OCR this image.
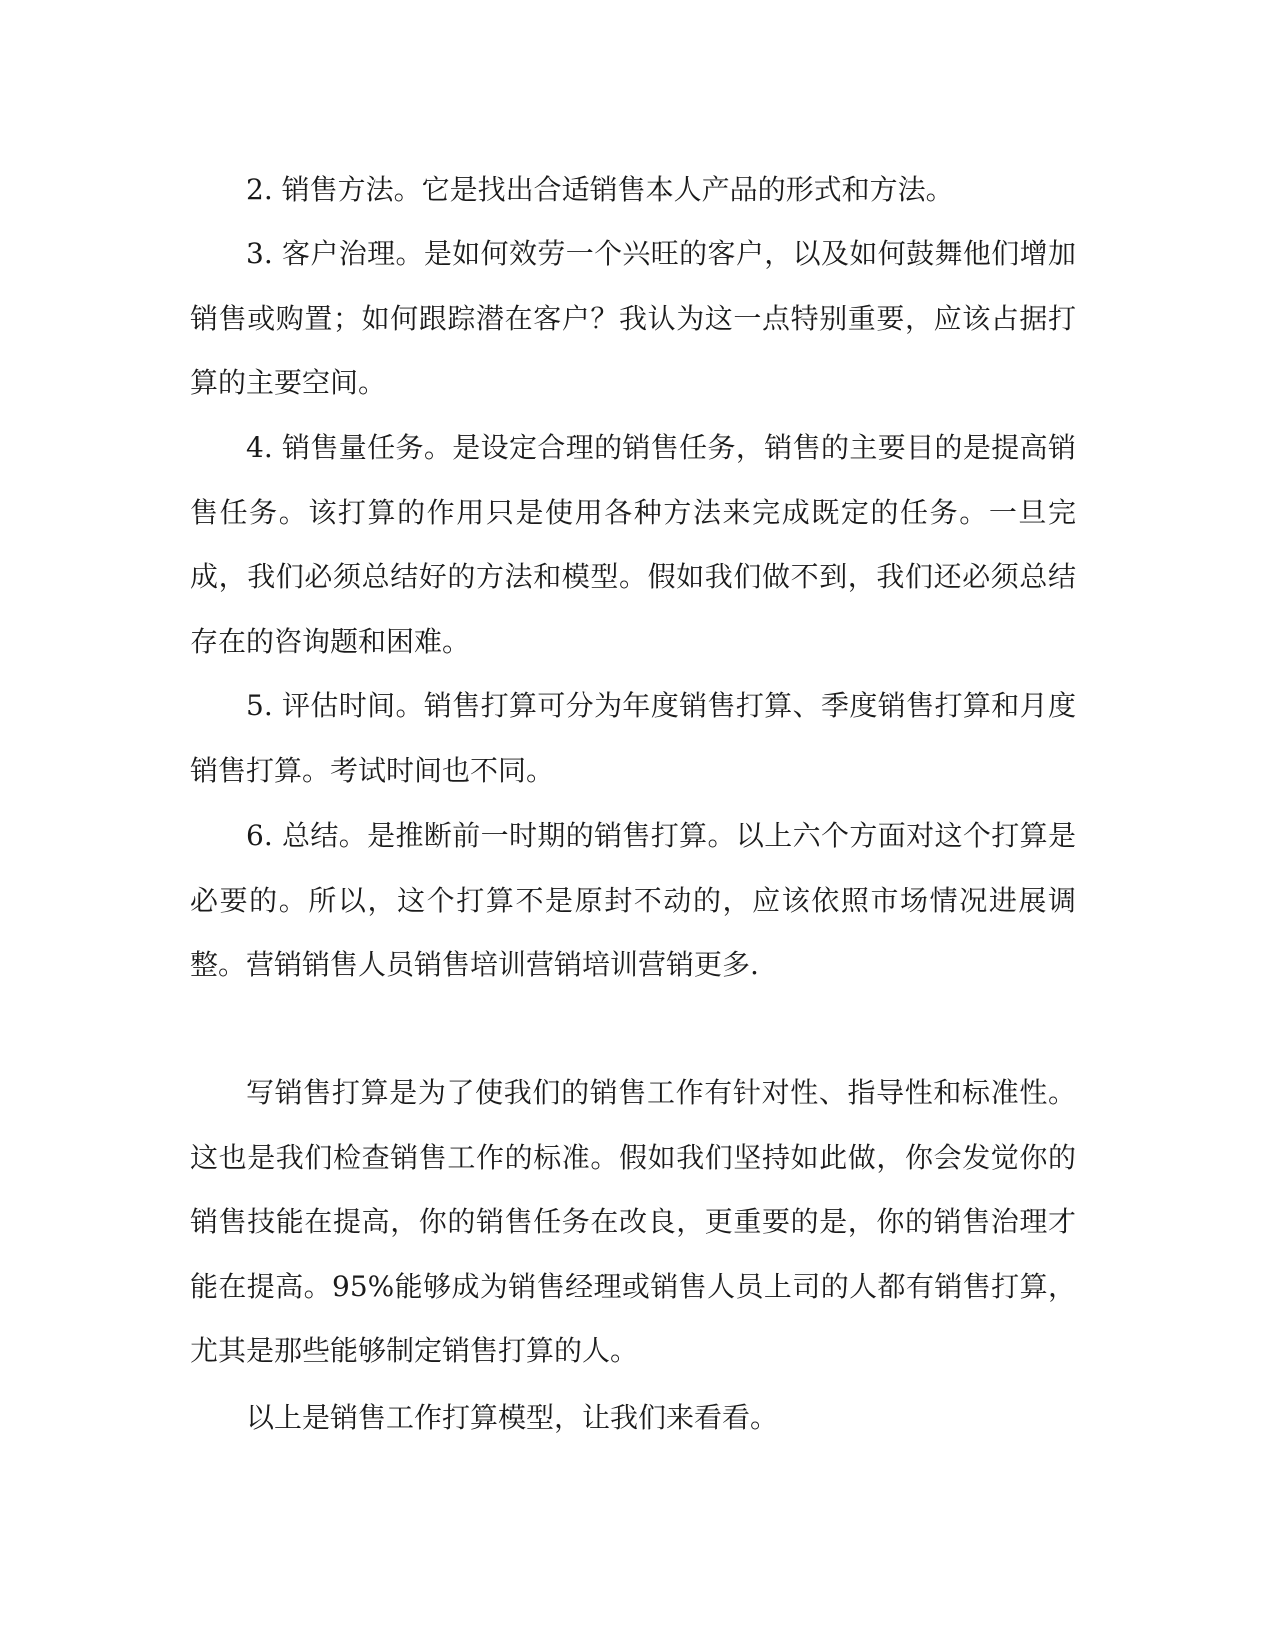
2. 销售方法。它是找出合适销售本人产品的形式和方法。

3. 客户治理。是如何效劳一个兴旺的客户，以及如何鼓舞他们增加销售或购置；如何跟踪潜在客户？我认为这一点特别重要，应该占据打算的主要空间。

4. 销售量任务。是设定合理的销售任务，销售的主要目的是提高销售任务。该打算的作用只是使用各种方法来完成既定的任务。一旦完成，我们必须总结好的方法和模型。假如我们做不到，我们还必须总结存在的咨询题和困难。

5. 评估时间。销售打算可分为年度销售打算、季度销售打算和月度销售打算。考试时间也不同。

6. 总结。是推断前一时期的销售打算。以上六个方面对这个打算是必要的。所以，这个打算不是原封不动的，应该依照市场情况进展调整。营销销售人员销售培训营销培训营销更多.

写销售打算是为了使我们的销售工作有针对性、指导性和标准性。这也是我们检查销售工作的标准。假如我们坚持如此做，你会发觉你的销售技能在提高，你的销售任务在改良，更重要的是，你的销售治理才能在提高。95%能够成为销售经理或销售人员上司的人都有销售打算，尤其是那些能够制定销售打算的人。

以上是销售工作打算模型，让我们来看看。
